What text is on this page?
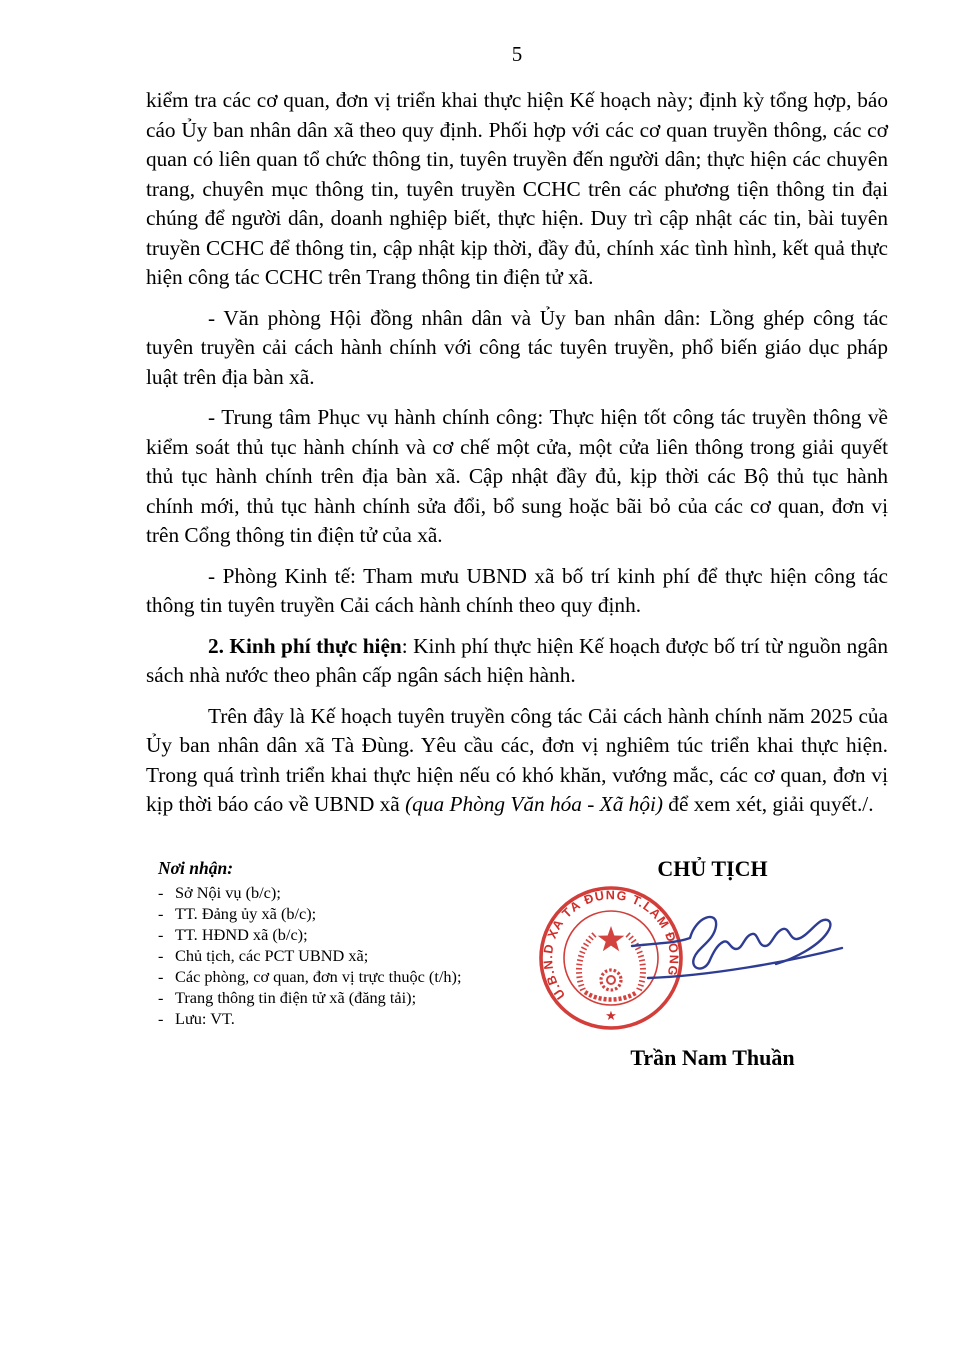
5

kiểm tra các cơ quan, đơn vị triển khai thực hiện Kế hoạch này; định kỳ tổng hợp, báo cáo Ủy ban nhân dân xã theo quy định. Phối hợp với các cơ quan truyền thông, các cơ quan có liên quan tổ chức thông tin, tuyên truyền đến người dân; thực hiện các chuyên trang, chuyên mục thông tin, tuyên truyền CCHC trên các phương tiện thông tin đại chúng để người dân, doanh nghiệp biết, thực hiện. Duy trì cập nhật các tin, bài tuyên truyền CCHC để thông tin, cập nhật kịp thời, đầy đủ, chính xác tình hình, kết quả thực hiện công tác CCHC trên Trang thông tin điện tử xã.

- Văn phòng Hội đồng nhân dân và Ủy ban nhân dân: Lồng ghép công tác tuyên truyền cải cách hành chính với công tác tuyên truyền, phổ biến giáo dục pháp luật trên địa bàn xã.

- Trung tâm Phục vụ hành chính công: Thực hiện tốt công tác truyền thông về kiểm soát thủ tục hành chính và cơ chế một cửa, một cửa liên thông trong giải quyết thủ tục hành chính trên địa bàn xã. Cập nhật đầy đủ, kịp thời các Bộ thủ tục hành chính mới, thủ tục hành chính sửa đổi, bổ sung hoặc bãi bỏ của các cơ quan, đơn vị trên Cổng thông tin điện tử của xã.

- Phòng Kinh tế: Tham mưu UBND xã bố trí kinh phí để thực hiện công tác thông tin tuyên truyền Cải cách hành chính theo quy định.

2. Kinh phí thực hiện: Kinh phí thực hiện Kế hoạch được bố trí từ nguồn ngân sách nhà nước theo phân cấp ngân sách hiện hành.

Trên đây là Kế hoạch tuyên truyền công tác Cải cách hành chính năm 2025 của Ủy ban nhân dân xã Tà Đùng. Yêu cầu các, đơn vị nghiêm túc triển khai thực hiện. Trong quá trình triển khai thực hiện nếu có khó khăn, vướng mắc, các cơ quan, đơn vị kịp thời báo cáo về UBND xã (qua Phòng Văn hóa - Xã hội) để xem xét, giải quyết./.

Nơi nhận:
- Sở Nội vụ (b/c);
- TT. Đảng ủy xã (b/c);
- TT. HĐND xã (b/c);
- Chủ tịch, các PCT UBND xã;
- Các phòng, cơ quan, đơn vị trực thuộc (t/h);
- Trang thông tin điện tử xã (đăng tải);
- Lưu: VT.
CHỦ TỊCH
U.B.N.D XÃ TÀ ĐÙNG T.LÂM ĐỒNG
★
Trần Nam Thuần
